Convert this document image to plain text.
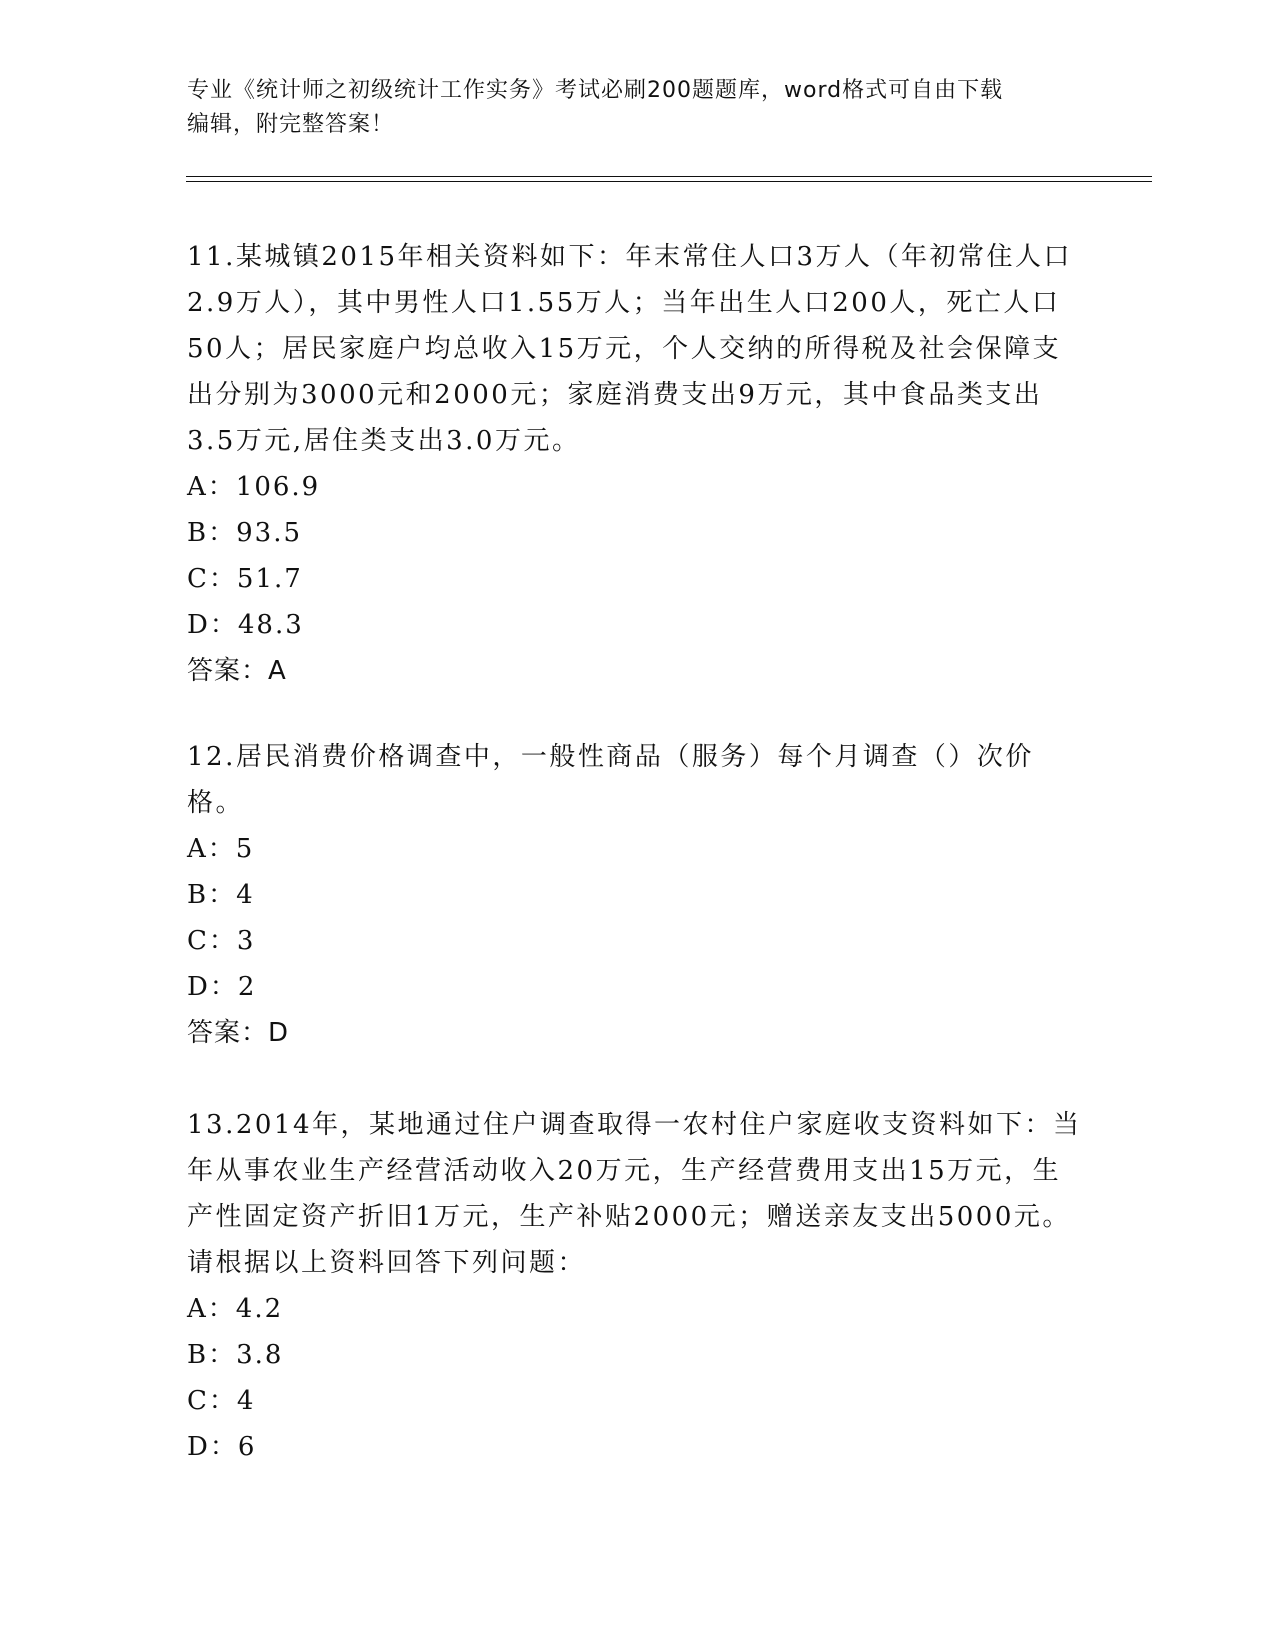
专业《统计师之初级统计工作实务》考试必刷200题题库，word格式可自由下载
编辑，附完整答案！

11.某城镇2015年相关资料如下：年末常住人口3万人（年初常住人口2.9万人），其中男性人口1.55万人；当年出生人口200人，死亡人口50人；居民家庭户均总收入15万元，个人交纳的所得税及社会保障支出分别为3000元和2000元；家庭消费支出9万元，其中食品类支出3.5万元,居住类支出3.0万元。

A：106.9
B：93.5
C：51.7
D：48.3

答案：A

12.居民消费价格调查中，一般性商品（服务）每个月调查（）次价格。

A：5
B：4
C：3
D：2

答案：D

13.2014年，某地通过住户调查取得一农村住户家庭收支资料如下：当年从事农业生产经营活动收入20万元，生产经营费用支出15万元，生产性固定资产折旧1万元，生产补贴2000元；赠送亲友支出5000元。请根据以上资料回答下列问题：

A：4.2
B：3.8
C：4
D：6
